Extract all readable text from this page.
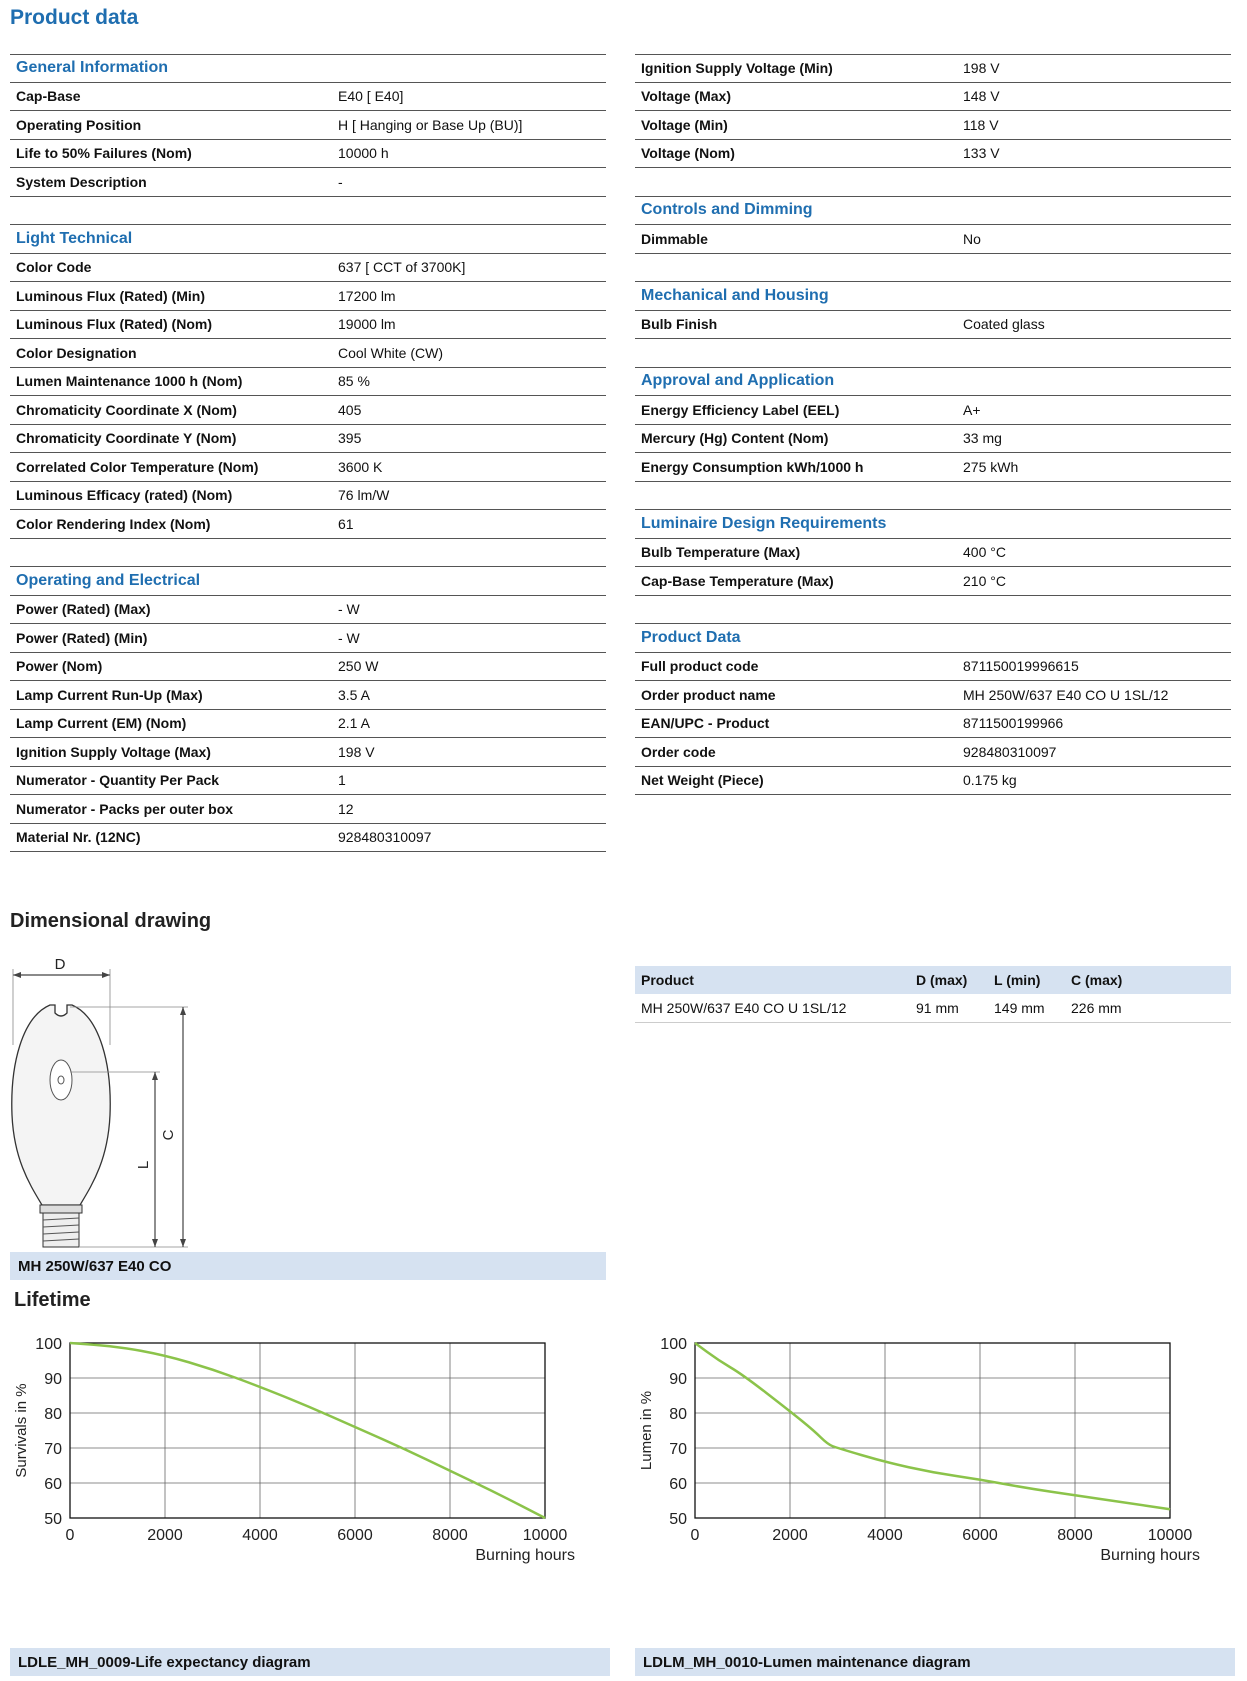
Product data
General Information
Cap-Base	E40 [ E40]
Operating Position	H [ Hanging or Base Up (BU)]
Life to 50% Failures (Nom)	10000 h
System Description	-
Light Technical
Color Code	637 [ CCT of 3700K]
Luminous Flux (Rated) (Min)	17200 lm
Luminous Flux (Rated) (Nom)	19000 lm
Color Designation	Cool White (CW)
Lumen Maintenance 1000 h (Nom)	85 %
Chromaticity Coordinate X (Nom)	405
Chromaticity Coordinate Y (Nom)	395
Correlated Color Temperature (Nom)	3600 K
Luminous Efficacy (rated) (Nom)	76 lm/W
Color Rendering Index (Nom)	61
Operating and Electrical
Power (Rated) (Max)	- W
Power (Rated) (Min)	- W
Power (Nom)	250 W
Lamp Current Run-Up (Max)	3.5 A
Lamp Current (EM) (Nom)	2.1 A
Ignition Supply Voltage (Max)	198 V
Numerator - Quantity Per Pack	1
Numerator - Packs per outer box	12
Material Nr. (12NC)	928480310097
Ignition Supply Voltage (Min)	198 V
Voltage (Max)	148 V
Voltage (Min)	118 V
Voltage (Nom)	133 V
Controls and Dimming
Dimmable	No
Mechanical and Housing
Bulb Finish	Coated glass
Approval and Application
Energy Efficiency Label (EEL)	A+
Mercury (Hg) Content (Nom)	33 mg
Energy Consumption kWh/1000 h	275 kWh
Luminaire Design Requirements
Bulb Temperature (Max)	400 °C
Cap-Base Temperature (Max)	210 °C
Product Data
Full product code	871150019996615
Order product name	MH 250W/637 E40 CO U 1SL/12
EAN/UPC - Product	8711500199966
Order code	928480310097
Net Weight (Piece)	0.175 kg
Dimensional drawing
D
C
L
MH 250W/637 E40 CO
Product	D (max)	L (min)	C (max)
MH 250W/637 E40 CO U 1SL/12	91 mm	149 mm	226 mm
Lifetime
100
90
80
70
60
50
0	2000	4000	6000	8000	10000
Burning hours
Survivals in %
100
90
80
70
60
50
0	2000	4000	6000	8000	10000
Burning hours
Lumen in %
LDLE_MH_0009-Life expectancy diagram	LDLM_MH_0010-Lumen maintenance diagram
